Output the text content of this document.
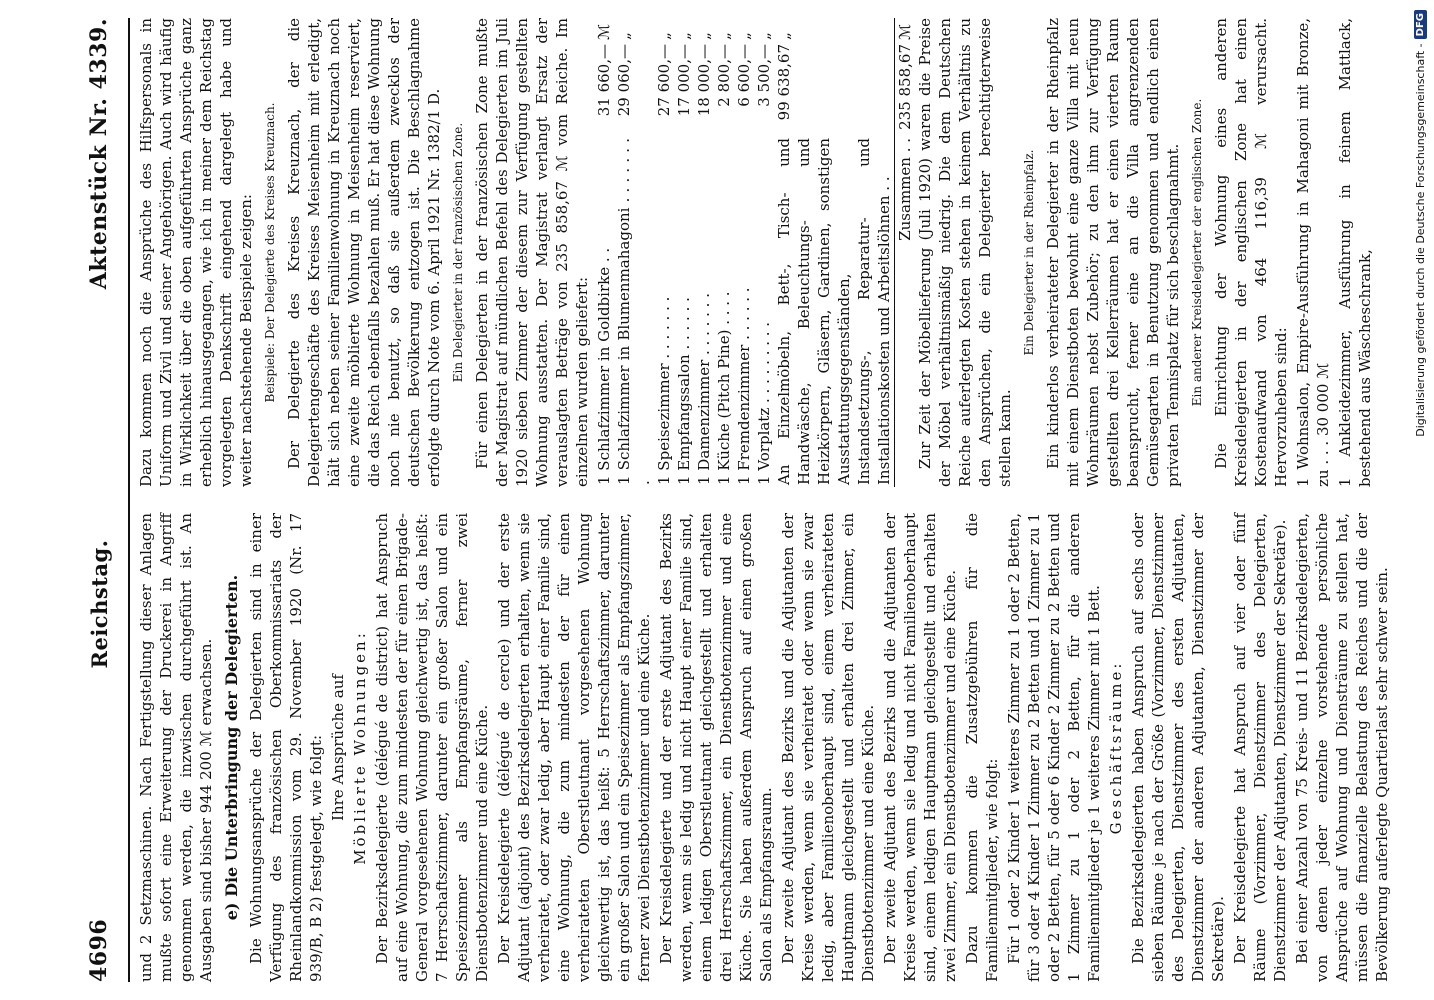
4696
Reichstag.
Aktenstück Nr. 4339.

und 2 Setzmaschinen. Nach Fertigstellung dieser Anlagen mußte sofort eine Erweiterung der Druckerei in Angriff genommen werden, die inzwischen durchgeführt ist. An Ausgaben sind bisher 944 200 ℳ erwachsen. e) Die Unterbringung der Delegierten. Die Wohnungsansprüche der Delegierten sind in einer Verfügung des französischen Oberkommissariats der Rheinlandkommission vom 29. November 1920 (Nr. 17 939/B, B 2) festgelegt, wie folgt: Ihre Ansprüche auf Möblierte Wohnungen: Der Bezirksdelegierte (délégué de district) hat Anspruch auf eine Wohnung, die zum mindesten der für einen Brigade-General vorgesehenen Wohnung gleichwertig ist, das heißt: 7 Herrschaftszimmer, darunter ein großer Salon und ein Speisezimmer als Empfangsräume, ferner zwei Dienstbotenzimmer und eine Küche. Der Kreisdelegierte (délégué de cercle) und der erste Adjutant (adjoint) des Bezirksdelegierten erhalten, wenn sie verheiratet, oder zwar ledig, aber Haupt einer Familie sind, eine Wohnung, die zum mindesten der für einen verheirateten Oberstleutnant vorgesehenen Wohnung gleichwertig ist, das heißt: 5 Herrschaftszimmer, darunter ein großer Salon und ein Speisezimmer als Empfangszimmer, ferner zwei Dienstbotenzimmer und eine Küche. Der Kreisdelegierte und der erste Adjutant des Bezirks werden, wenn sie ledig und nicht Haupt einer Familie sind, einem ledigen Oberstleutnant gleichgestellt und erhalten drei Herrschaftszimmer, ein Dienstbotenzimmer und eine Küche. Sie haben außerdem Anspruch auf einen großen Salon als Empfangsraum. Der zweite Adjutant des Bezirks und die Adjutanten der Kreise werden, wenn sie verheiratet oder wenn sie zwar ledig, aber Familienoberhaupt sind, einem verheirateten Hauptmann gleichgestellt und erhalten drei Zimmer, ein Dienstbotenzimmer und eine Küche. Der zweite Adjutant des Bezirks und die Adjutanten der Kreise werden, wenn sie ledig und nicht Familienoberhaupt sind, einem ledigen Hauptmann gleichgestellt und erhalten zwei Zimmer, ein Dienstbotenzimmer und eine Küche. Dazu kommen die Zusatzgebühren für die Familienmitglieder, wie folgt: Für 1 oder 2 Kinder 1 weiteres Zimmer zu 1 oder 2 Betten, für 3 oder 4 Kinder 1 Zimmer zu 2 Betten und 1 Zimmer zu 1 oder 2 Betten, für 5 oder 6 Kinder 2 Zimmer zu 2 Betten und 1 Zimmer zu 1 oder 2 Betten, für die anderen Familienmitglieder je 1 weiteres Zimmer mit 1 Bett. Geschäftsräume: Die Bezirksdelegierten haben Anspruch auf sechs oder sieben Räume je nach der Größe (Vorzimmer, Dienstzimmer des Delegierten, Dienstzimmer des ersten Adjutanten, Dienstzimmer der anderen Adjutanten, Dienstzimmer der Sekretäre). Der Kreisdelegierte hat Anspruch auf vier oder fünf Räume (Vorzimmer, Dienstzimmer des Delegierten, Dienstzimmer der Adjutanten, Dienstzimmer der Sekretäre). Bei einer Anzahl von 75 Kreis- und 11 Bezirksdelegierten, von denen jeder einzelne vorstehende persönliche Ansprüche auf Wohnung und Diensträume zu stellen hat, müssen die finanzielle Belastung des Reiches und die der Bevölkerung auferlegte Quartierlast sehr schwer sein.

Dazu kommen noch die Ansprüche des Hilfspersonals in Uniform und Zivil und seiner Angehörigen. Auch wird häufig in Wirklichkeit über die oben aufgeführten Ansprüche ganz erheblich hinausgegangen, wie ich in meiner dem Reichstag vorgelegten Denkschrift eingehend dargelegt habe und weiter nachstehende Beispiele zeigen: Beispiele: Der Delegierte des Kreises Kreuznach. Der Delegierte des Kreises Kreuznach, der die Delegiertengeschäfte des Kreises Meisenheim mit erledigt, hält sich neben seiner Familienwohnung in Kreuznach noch eine zweite möblierte Wohnung in Meisenheim reserviert, die das Reich ebenfalls bezahlen muß. Er hat diese Wohnung noch nie benutzt, so daß sie außerdem zwecklos der deutschen Bevölkerung entzogen ist. Die Beschlagnahme erfolgte durch Note vom 6. April 1921 Nr. 1382/1 D. Ein Delegierter in der französischen Zone. Für einen Delegierten in der französischen Zone mußte der Magistrat auf mündlichen Befehl des Delegierten im Juli 1920 sieben Zimmer der diesem zur Verfügung gestellten Wohnung ausstatten. Der Magistrat verlangt Ersatz der verauslagten Beträge von 235 858,67 ℳ vom Reiche. Im einzelnen wurden geliefert: 1 Schlafzimmer in Goldbirke . .	31 660,—	ℳ
1 Schlafzimmer in Blumenmahagoni . . . . . . . .	29 060,—	„
1 Speisezimmer . . . . . . .	27 600,—	„
1 Empfangssalon . . . . . .	17 000,—	„
1 Damenzimmer . . . . . . .	18 000,—	„
1 Küche (Pitch Pine) . . . .	2 800,—	„
1 Fremdenzimmer . . . . . .	6 600,—	„
1 Vorplatz . . . . . . . . .	3 500,—	„
An Einzelmöbeln, Bett-, Tisch- und Handwäsche, Beleuchtungs- und Heizkörpern, Gläsern, Gardinen, sonstigen Ausstattungsgegenständen, Instandsetzungs-, Reparatur- und Installationskosten und Arbeitslöhnen . .	99 638,67	„
Zusammen . .	235 858,67	ℳ Zur Zeit der Möbellieferung (Juli 1920) waren die Preise der Möbel verhältnismäßig niedrig. Die dem Deutschen Reiche auferlegten Kosten stehen in keinem Verhältnis zu den Ansprüchen, die ein Delegierter berechtigterweise stellen kann.

Ein Delegierter in der Rheinpfalz. Ein kinderlos verheirateter Delegierter in der Rheinpfalz mit einem Dienstboten bewohnt eine ganze Villa mit neun Wohnräumen nebst Zubehör; zu den ihm zur Verfügung gestellten drei Kellerräumen hat er einen vierten Raum beansprucht, ferner eine an die Villa angrenzenden Gemüsegarten in Benutzung genommen und endlich einen privaten Tennisplatz für sich beschlagnahmt. Ein anderer Kreisdelegierter der englischen Zone. Die Einrichtung der Wohnung eines anderen Kreisdelegierten in der englischen Zone hat einen Kostenaufwand von 464 116,39 ℳ verursacht. Hervorzuheben sind: 1 Wohnsalon, Empire-Ausführung in Mahagoni mit Bronze, zu . . . 30 000 ℳ 1 Ankleidezimmer, Ausführung in feinem Mattlack, bestehend aus Wäscheschrank,	Digitalisierung gefördert durch die Deutsche Forschungsgemeinschaft -
DFG
